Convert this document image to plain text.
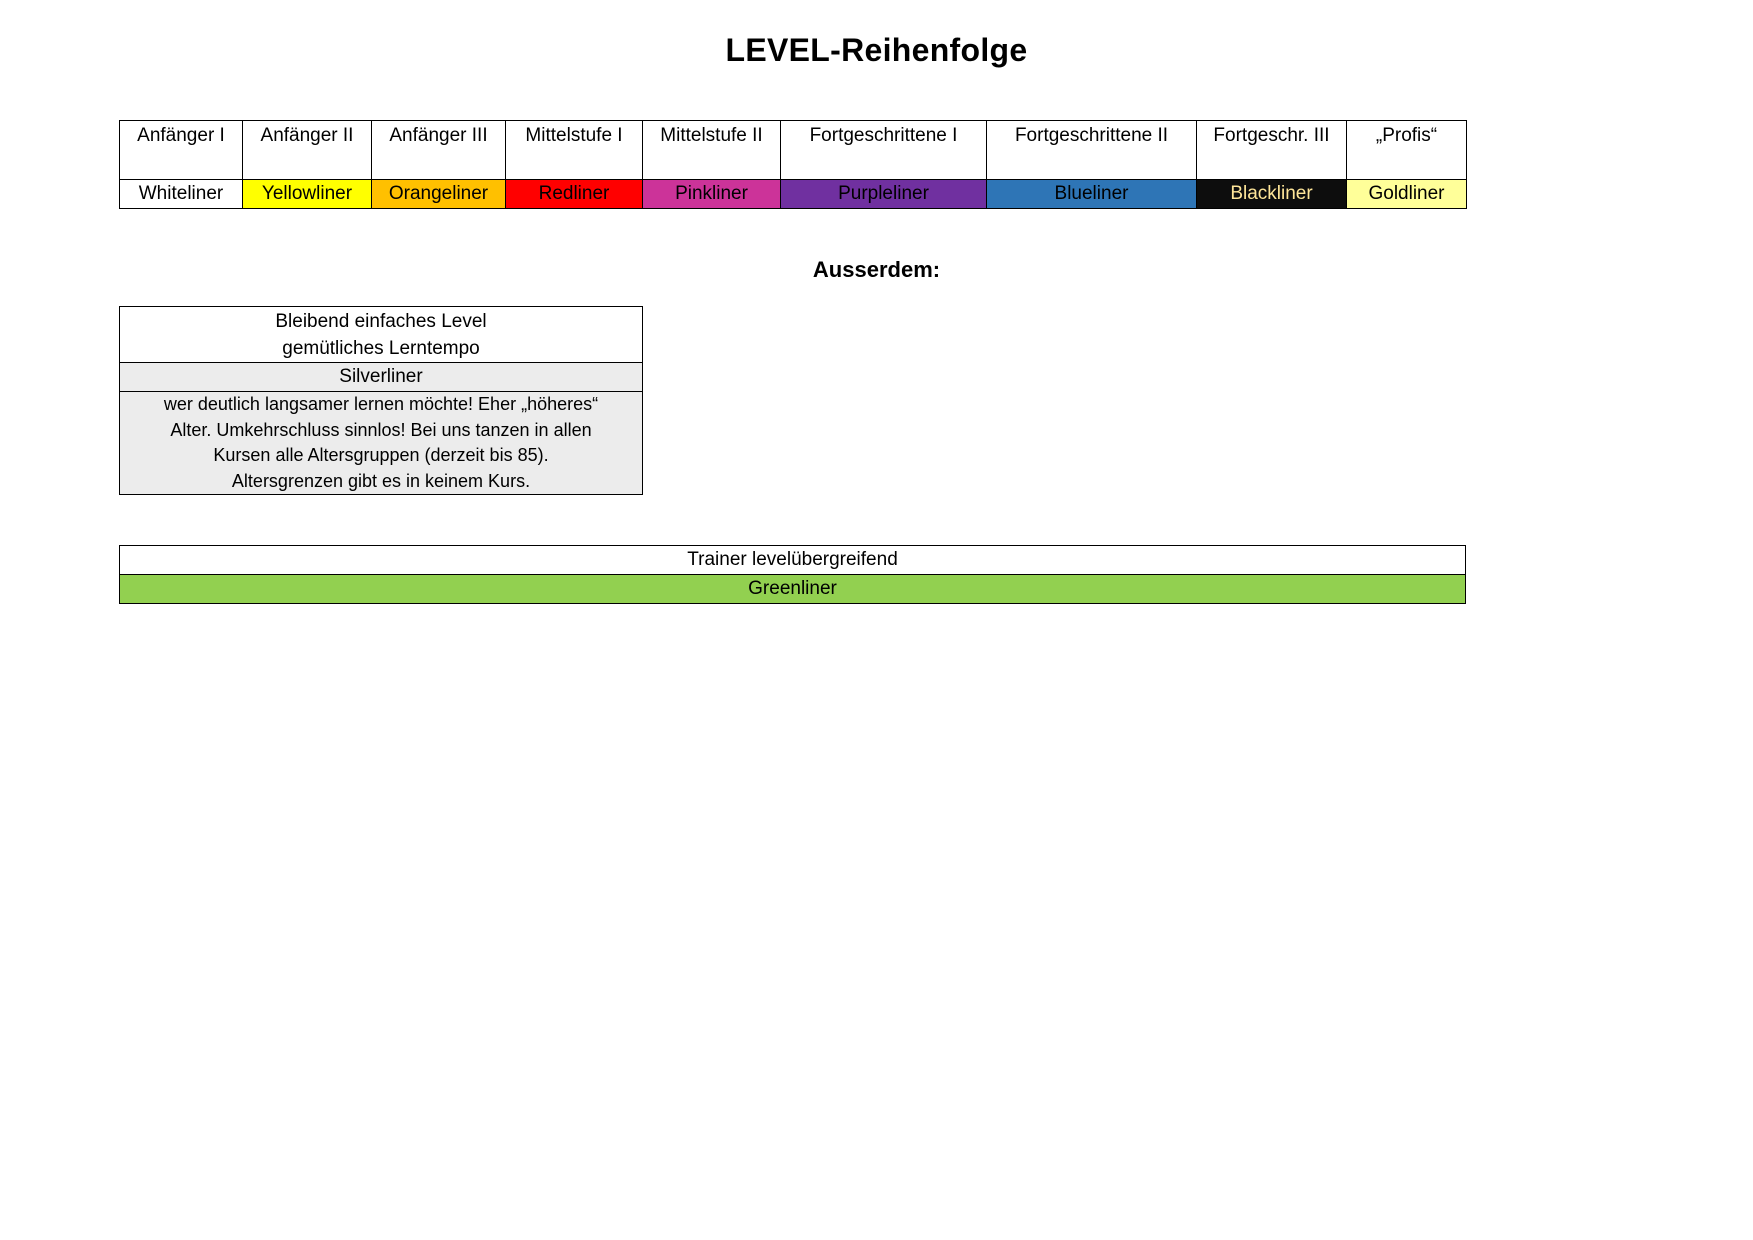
LEVEL-Reihenfolge
Anfänger I	Anfänger II	Anfänger III	Mittelstufe I	Mittelstufe II	Fortgeschrittene I	Fortgeschrittene II	Fortgeschr. III	„Profis“
Whiteliner	Yellowliner	Orangeliner	Redliner	Pinkliner	Purpleliner	Blueliner	Blackliner	Goldliner
Ausserdem:
Bleibend einfaches Level
gemütliches Lerntempo

Silverliner

wer deutlich langsamer lernen möchte! Eher „höheres“
Alter. Umkehrschluss sinnlos! Bei uns tanzen in allen
Kursen alle Altersgruppen (derzeit bis 85).
Altersgrenzen gibt es in keinem Kurs.
Trainer levelübergreifend
Greenliner
